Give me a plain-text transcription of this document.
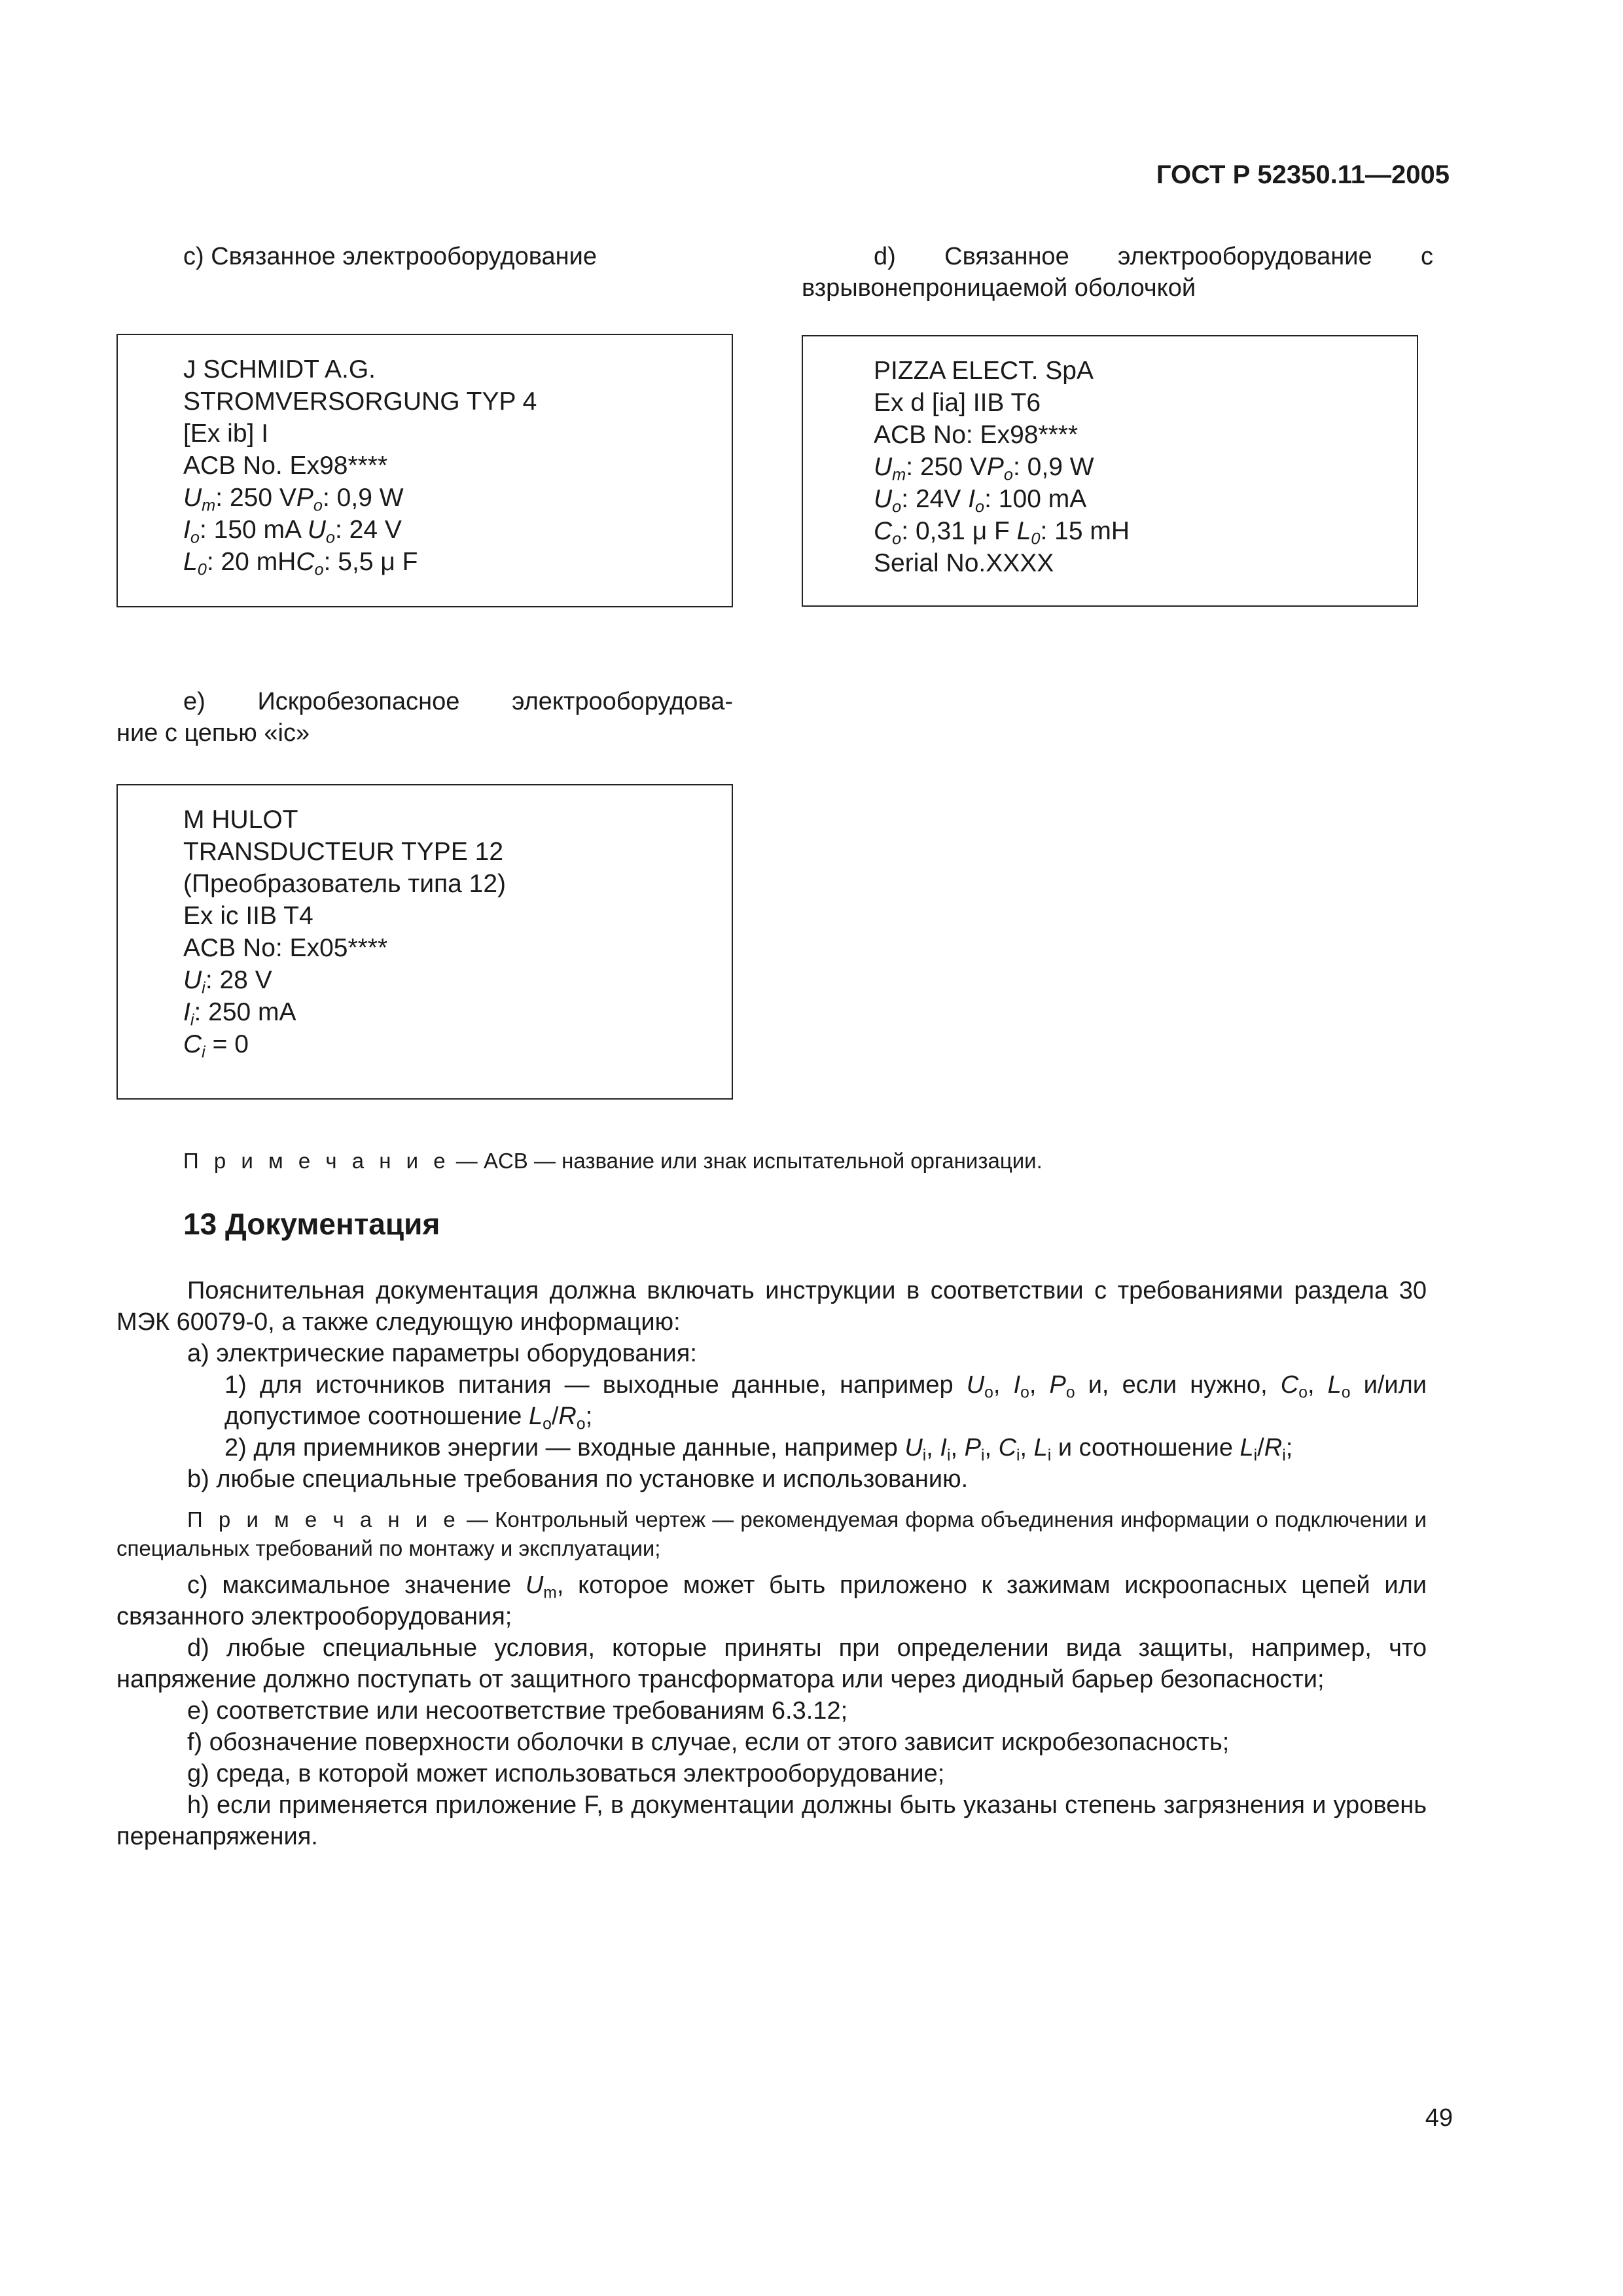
ГОСТ Р 52350.11—2005
c) Связанное электрооборудование	d) Связанное электрооборудование с
взрывонепроницаемой оболочкой
J SCHMIDT A.G.
STROMVERSORGUNG TYP 4
[Ex ib] I
ACB No. Ex98****
$U_m$: 250 $VP_o$: 0,9 W
$I_o$: 150 mA $U_o$: 24 V
$L_0$: 20 mHC$_o$: 5,5 μ F
PIZZA ELECT. SpA
Ex d [ia] IIB T6
ACB No: Ex98****
$U_m$: 250 $VP_o$: 0,9 W
$U_o$: 24V $I_o$: 100 mA
$C_o$: 0,31 μ F $L_0$: 15 mH
Serial No.XXXX
e) Искробезопасное электрооборудова-
ние с цепью «ic»
M HULOT
TRANSDUCTEUR TYPE 12
(Преобразователь типа 12)
Ex ic IIB T4
ACB No: Ex05****
$U_i$: 28 V
$I_i$: 250 mA
$C_i = 0$
П р и м е ч а н и е — ACB — название или знак испытательной организации.
13 Документация

Пояснительная документация должна включать инструкции в соответствии с требованиями раздела 30 МЭК 60079-0, а также следующую информацию:

а) электрические параметры оборудования:

1) для источников питания — выходные данные, например $U_o$, $I_o$, $P_o$ и, если нужно, $C_o$, $L_o$ и/или допустимое соотношение $L_o/R_o$;

2) для приемников энергии — входные данные, например $U_i$, $I_i$, $P_i$, $C_i$, $L_i$ и соотношение $L_i/R_i$;

b) любые специальные требования по установке и использованию.

П р и м е ч а н и е — Контрольный чертеж — рекомендуемая форма объединения информации о подключении и специальных требований по монтажу и эксплуатации;

с) максимальное значение $U_m$, которое может быть приложено к зажимам искроопасных цепей или связанного электрооборудования;

d) любые специальные условия, которые приняты при определении вида защиты, например, что напряжение должно поступать от защитного трансформатора или через диодный барьер безопасности;

e) соответствие или несоответствие требованиям 6.3.12;

f) обозначение поверхности оболочки в случае, если от этого зависит искробезопасность;

g) среда, в которой может использоваться электрооборудование;

h) если применяется приложение F, в документации должны быть указаны степень загрязнения и уровень перенапряжения.

49
